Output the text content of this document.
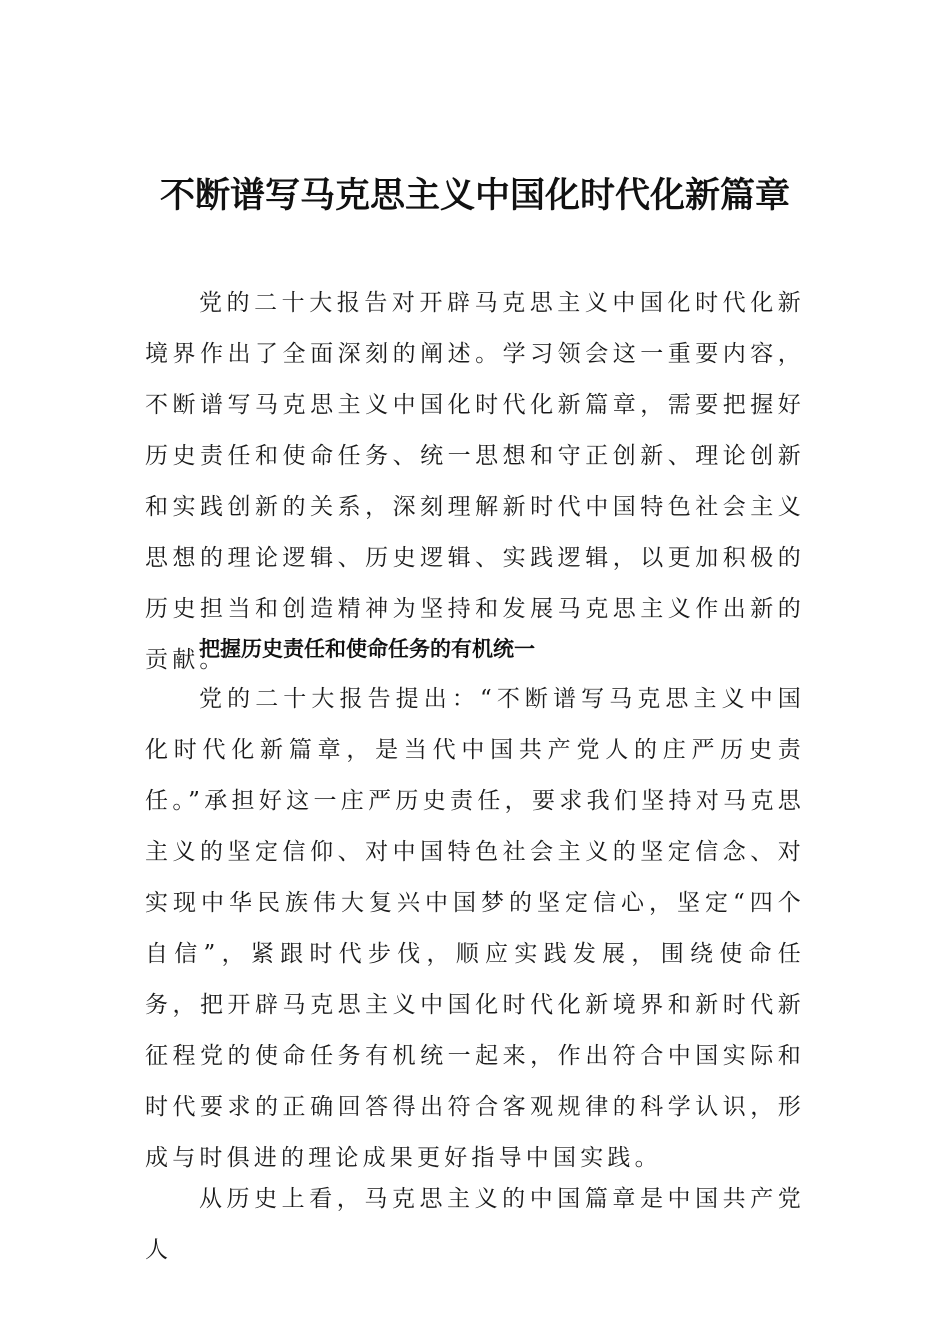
不断谱写马克思主义中国化时代化新篇章

党的二十大报告对开辟马克思主义中国化时代化新境界作出了全面深刻的阐述。学习领会这一重要内容，不断谱写马克思主义中国化时代化新篇章，需要把握好历史责任和使命任务、统一思想和守正创新、理论创新和实践创新的关系，深刻理解新时代中国特色社会主义思想的理论逻辑、历史逻辑、实践逻辑，以更加积极的历史担当和创造精神为坚持和发展马克思主义作出新的贡献。

把握历史责任和使命任务的有机统一

党的二十大报告提出：“不断谱写马克思主义中国化时代化新篇章，是当代中国共产党人的庄严历史责任。”承担好这一庄严历史责任，要求我们坚持对马克思主义的坚定信仰、对中国特色社会主义的坚定信念、对实现中华民族伟大复兴中国梦的坚定信心，坚定“四个自信”，紧跟时代步伐，顺应实践发展，围绕使命任务，把开辟马克思主义中国化时代化新境界和新时代新征程党的使命任务有机统一起来，作出符合中国实际和时代要求的正确回答得出符合客观规律的科学认识，形成与时俱进的理论成果更好指导中国实践。

从历史上看，马克思主义的中国篇章是中国共产党人
